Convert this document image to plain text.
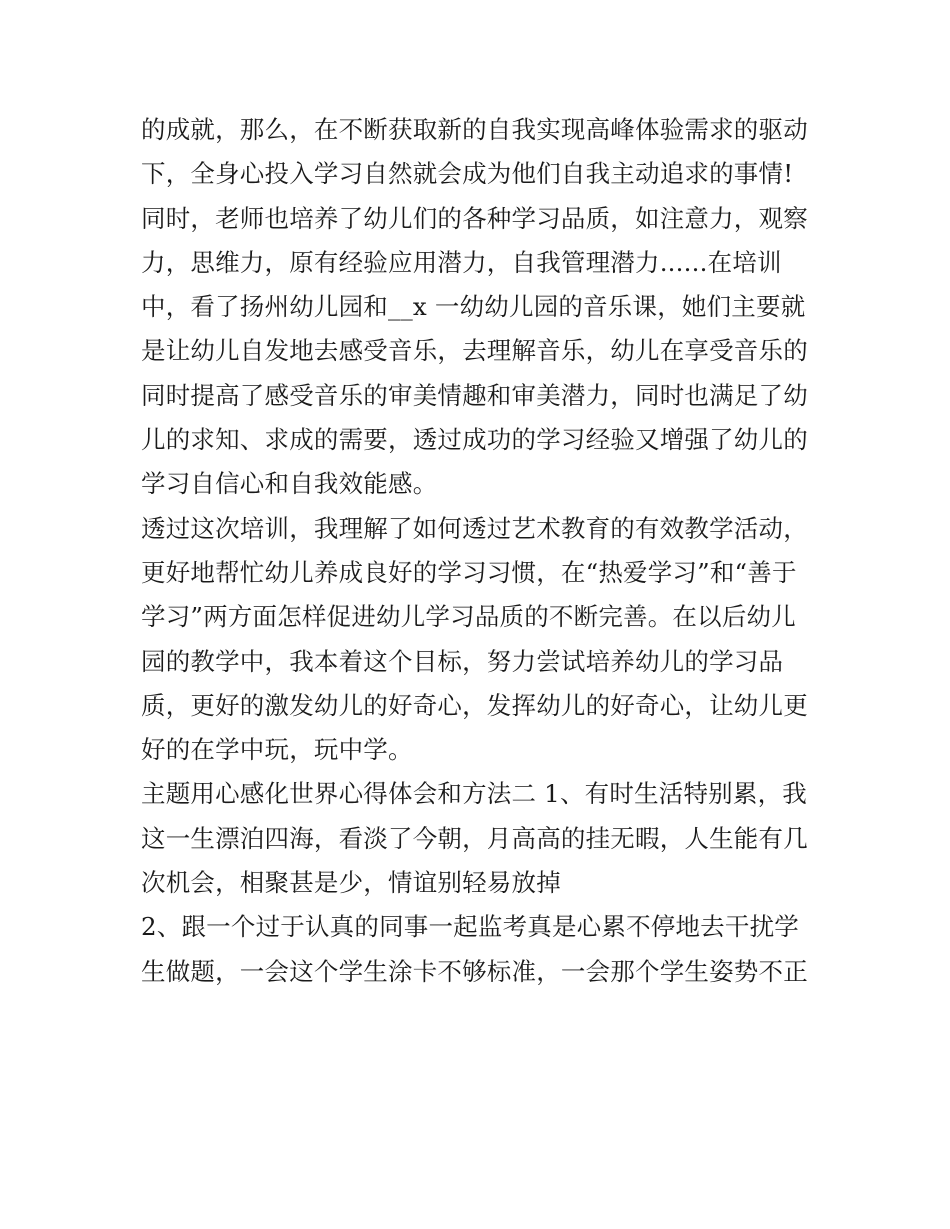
的成就，那么，在不断获取新的自我实现高峰体验需求的驱动
下，全身心投入学习自然就会成为他们自我主动追求的事情!
同时，老师也培养了幼儿们的各种学习品质，如注意力，观察
力，思维力，原有经验应用潜力，自我管理潜力......在培训
中，看了扬州幼儿园和__x 一幼幼儿园的音乐课，她们主要就
是让幼儿自发地去感受音乐，去理解音乐，幼儿在享受音乐的
同时提高了感受音乐的审美情趣和审美潜力，同时也满足了幼
儿的求知、求成的需要，透过成功的学习经验又增强了幼儿的
学习自信心和自我效能感。
透过这次培训，我理解了如何透过艺术教育的有效教学活动，
更好地帮忙幼儿养成良好的学习习惯，在“热爱学习”和“善于
学习”两方面怎样促进幼儿学习品质的不断完善。在以后幼儿
园的教学中，我本着这个目标，努力尝试培养幼儿的学习品
质，更好的激发幼儿的好奇心，发挥幼儿的好奇心，让幼儿更
好的在学中玩，玩中学。
主题用心感化世界心得体会和方法二 1、有时生活特别累，我
这一生漂泊四海，看淡了今朝，月高高的挂无暇，人生能有几
次机会，相聚甚是少，情谊别轻易放掉
2、跟一个过于认真的同事一起监考真是心累不停地去干扰学
生做题，一会这个学生涂卡不够标准，一会那个学生姿势不正
